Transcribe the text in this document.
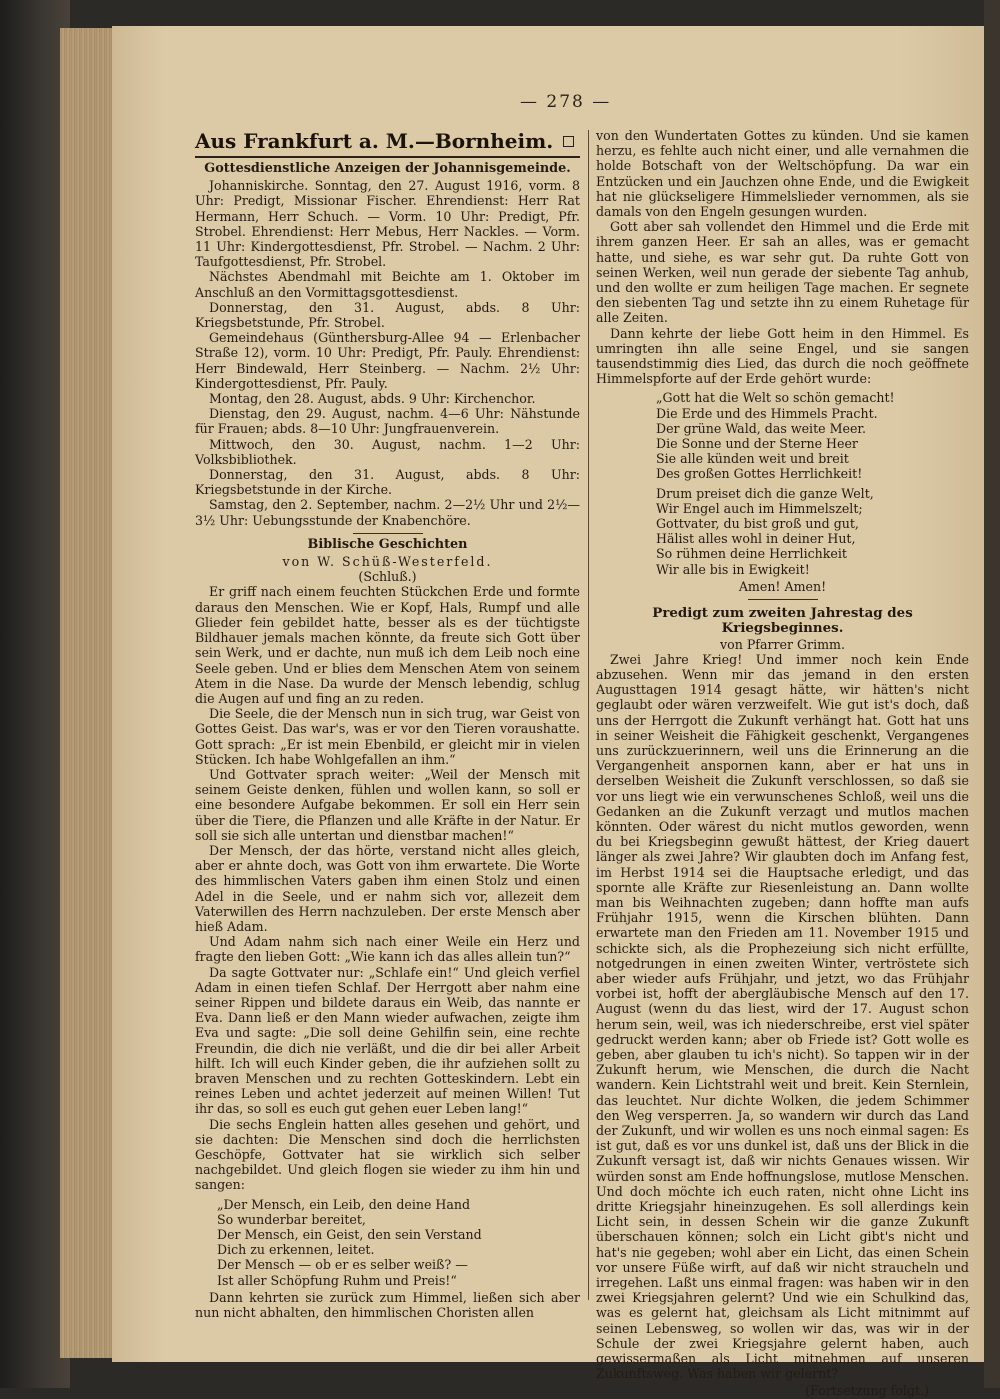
— 278 —
Aus Frankfurt a. M.—Bornheim.
Gottesdienstliche Anzeigen der Johannisgemeinde.

Johanniskirche. Sonntag, den 27. August 1916, vorm. 8 Uhr: Predigt, Missionar Fischer. Ehrendienst: Herr Rat Hermann, Herr Schuch. — Vorm. 10 Uhr: Predigt, Pfr. Strobel. Ehrendienst: Herr Mebus, Herr Nackles. — Vorm. 11 Uhr: Kindergottesdienst, Pfr. Strobel. — Nachm. 2 Uhr: Taufgottesdienst, Pfr. Strobel.

Nächstes Abendmahl mit Beichte am 1. Oktober im Anschluß an den Vormittagsgottesdienst.

Donnerstag, den 31. August, abds. 8 Uhr: Kriegsbetstunde, Pfr. Strobel.

Gemeindehaus (Günthersburg-Allee 94 — Erlenbacher Straße 12), vorm. 10 Uhr: Predigt, Pfr. Pauly. Ehrendienst: Herr Bindewald, Herr Steinberg. — Nachm. 2½ Uhr: Kindergottesdienst, Pfr. Pauly.

Montag, den 28. August, abds. 9 Uhr: Kirchenchor.

Dienstag, den 29. August, nachm. 4—6 Uhr: Nähstunde für Frauen; abds. 8—10 Uhr: Jungfrauenverein.

Mittwoch, den 30. August, nachm. 1—2 Uhr: Volksbibliothek.

Donnerstag, den 31. August, abds. 8 Uhr: Kriegsbetstunde in der Kirche.

Samstag, den 2. September, nachm. 2—2½ Uhr und 2½—3½ Uhr: Uebungsstunde der Knabenchöre.

Biblische Geschichten
von W. Schüß-Westerfeld.
(Schluß.)

Er griff nach einem feuchten Stückchen Erde und formte daraus den Menschen. Wie er Kopf, Hals, Rumpf und alle Glieder fein gebildet hatte, besser als es der tüchtigste Bildhauer jemals machen könnte, da freute sich Gott über sein Werk, und er dachte, nun muß ich dem Leib noch eine Seele geben. Und er blies dem Menschen Atem von seinem Atem in die Nase. Da wurde der Mensch lebendig, schlug die Augen auf und fing an zu reden.

Die Seele, die der Mensch nun in sich trug, war Geist von Gottes Geist. Das war's, was er vor den Tieren voraushatte. Gott sprach: „Er ist mein Ebenbild, er gleicht mir in vielen Stücken. Ich habe Wohlgefallen an ihm.“

Und Gottvater sprach weiter: „Weil der Mensch mit seinem Geiste denken, fühlen und wollen kann, so soll er eine besondere Aufgabe bekommen. Er soll ein Herr sein über die Tiere, die Pflanzen und alle Kräfte in der Natur. Er soll sie sich alle untertan und dienstbar machen!“

Der Mensch, der das hörte, verstand nicht alles gleich, aber er ahnte doch, was Gott von ihm erwartete. Die Worte des himmlischen Vaters gaben ihm einen Stolz und einen Adel in die Seele, und er nahm sich vor, allezeit dem Vaterwillen des Herrn nachzuleben. Der erste Mensch aber hieß Adam.

Und Adam nahm sich nach einer Weile ein Herz und fragte den lieben Gott: „Wie kann ich das alles allein tun?“

Da sagte Gottvater nur: „Schlafe ein!“ Und gleich verfiel Adam in einen tiefen Schlaf. Der Herrgott aber nahm eine seiner Rippen und bildete daraus ein Weib, das nannte er Eva. Dann ließ er den Mann wieder aufwachen, zeigte ihm Eva und sagte: „Die soll deine Gehilfin sein, eine rechte Freundin, die dich nie verläßt, und die dir bei aller Arbeit hilft. Ich will euch Kinder geben, die ihr aufziehen sollt zu braven Menschen und zu rechten Gotteskindern. Lebt ein reines Leben und achtet jederzeit auf meinen Willen! Tut ihr das, so soll es euch gut gehen euer Leben lang!“

Die sechs Englein hatten alles gesehen und gehört, und sie dachten: Die Menschen sind doch die herrlichsten Geschöpfe, Gottvater hat sie wirklich sich selber nachgebildet. Und gleich flogen sie wieder zu ihm hin und sangen:

„Der Mensch, ein Leib, den deine Hand
So wunderbar bereitet,
Der Mensch, ein Geist, den sein Verstand
Dich zu erkennen, leitet.
Der Mensch — ob er es selber weiß? —
Ist aller Schöpfung Ruhm und Preis!“

Dann kehrten sie zurück zum Himmel, ließen sich aber nun nicht abhalten, den himmlischen Choristen allen

von den Wundertaten Gottes zu künden. Und sie kamen herzu, es fehlte auch nicht einer, und alle vernahmen die holde Botschaft von der Weltschöpfung. Da war ein Entzücken und ein Jauchzen ohne Ende, und die Ewigkeit hat nie glückseligere Himmelslieder vernommen, als sie damals von den Engeln gesungen wurden.

Gott aber sah vollendet den Himmel und die Erde mit ihrem ganzen Heer. Er sah an alles, was er gemacht hatte, und siehe, es war sehr gut. Da ruhte Gott von seinen Werken, weil nun gerade der siebente Tag anhub, und den wollte er zum heiligen Tage machen. Er segnete den siebenten Tag und setzte ihn zu einem Ruhetage für alle Zeiten.

Dann kehrte der liebe Gott heim in den Himmel. Es umringten ihn alle seine Engel, und sie sangen tausendstimmig dies Lied, das durch die noch geöffnete Himmelspforte auf der Erde gehört wurde:

„Gott hat die Welt so schön gemacht!
Die Erde und des Himmels Pracht.
Der grüne Wald, das weite Meer.
Die Sonne und der Sterne Heer
Sie alle künden weit und breit
Des großen Gottes Herrlichkeit!
Drum preiset dich die ganze Welt,
Wir Engel auch im Himmelszelt;
Gottvater, du bist groß und gut,
Hälist alles wohl in deiner Hut,
So rühmen deine Herrlichkeit
Wir alle bis in Ewigkeit!
Amen! Amen!
Predigt zum zweiten Jahrestag des Kriegsbeginnes.
von Pfarrer Grimm.

Zwei Jahre Krieg! Und immer noch kein Ende abzusehen. Wenn mir das jemand in den ersten Augusttagen 1914 gesagt hätte, wir hätten's nicht geglaubt oder wären verzweifelt. Wie gut ist's doch, daß uns der Herrgott die Zukunft verhängt hat. Gott hat uns in seiner Weisheit die Fähigkeit geschenkt, Vergangenes uns zurückzuerinnern, weil uns die Erinnerung an die Vergangenheit anspornen kann, aber er hat uns in derselben Weisheit die Zukunft verschlossen, so daß sie vor uns liegt wie ein verwunschenes Schloß, weil uns die Gedanken an die Zukunft verzagt und mutlos machen könnten. Oder wärest du nicht mutlos geworden, wenn du bei Kriegsbeginn gewußt hättest, der Krieg dauert länger als zwei Jahre? Wir glaubten doch im Anfang fest, im Herbst 1914 sei die Hauptsache erledigt, und das sporntе alle Kräfte zur Riesenleistung an. Dann wollte man bis Weihnachten zugeben; dann hoffte man aufs Frühjahr 1915, wenn die Kirschen blühten. Dann erwartete man den Frieden am 11. November 1915 und schickte sich, als die Prophezeiung sich nicht erfüllte, notgedrungen in einen zweiten Winter, vertröstete sich aber wieder aufs Frühjahr, und jetzt, wo das Frühjahr vorbei ist, hofft der abergläubische Mensch auf den 17. August (wenn du das liest, wird der 17. August schon herum sein, weil, was ich niederschreibe, erst viel später gedruckt werden kann; aber ob Friede ist? Gott wolle es geben, aber glauben tu ich's nicht). So tappen wir in der Zukunft herum, wie Menschen, die durch die Nacht wandern. Kein Lichtstrahl weit und breit. Kein Sternlein, das leuchtet. Nur dichte Wolken, die jedem Schimmer den Weg versperren. Ja, so wandern wir durch das Land der Zukunft, und wir wollen es uns noch einmal sagen: Es ist gut, daß es vor uns dunkel ist, daß uns der Blick in die Zukunft versagt ist, daß wir nichts Genaues wissen. Wir würden sonst am Ende hoffnungslose, mutlose Menschen. Und doch möchte ich euch raten, nicht ohne Licht ins dritte Kriegsjahr hineinzugehen. Es soll allerdings kein Licht sein, in dessen Schein wir die ganze Zukunft überschauen können; solch ein Licht gibt's nicht und hat's nie gegeben; wohl aber ein Licht, das einen Schein vor unsere Füße wirft, auf daß wir nicht straucheln und irregehen. Laßt uns einmal fragen: was haben wir in den zwei Kriegsjahren gelernt? Und wie ein Schulkind das, was es gelernt hat, gleichsam als Licht mitnimmt auf seinen Lebensweg, so wollen wir das, was wir in der Schule der zwei Kriegsjahre gelernt haben, auch gewissermaßen als Licht mitnehmen auf unseren Zukunftsweg. Was haben wir gelernt?

(Fortsetzung folgt.)
